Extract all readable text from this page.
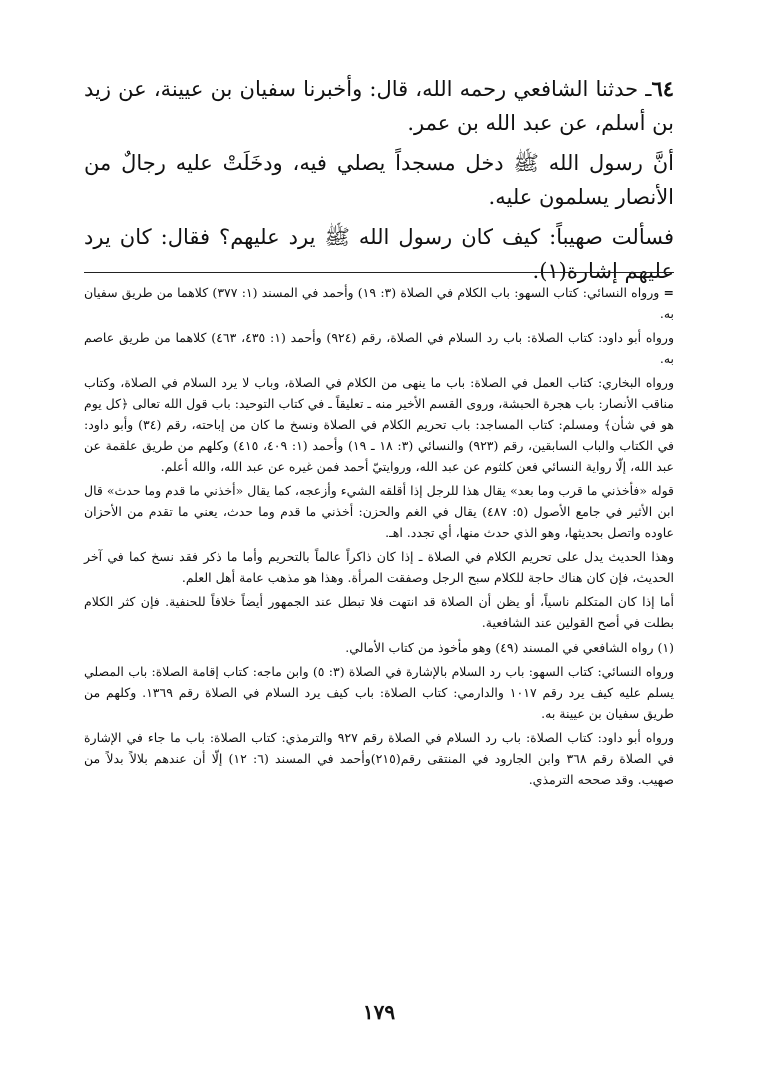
٦٤ـ حدثنا الشافعي رحمه الله، قال: وأخبرنا سفيان بن عيينة، عن زيد بن أسلم، عن عبد الله بن عمر.

أنَّ رسول الله ﷺ دخل مسجداً يصلي فيه، ودخَلَتْ عليه رجالٌ من الأنصار يسلمون عليه.

فسألت صهيباً: كيف كان رسول الله ﷺ يرد عليهم؟ فقال: كان يرد عليهم إشارة(١).

= ورواه النسائي: كتاب السهو: باب الكلام في الصلاة (٣: ١٩) وأحمد في المسند (١: ٣٧٧) كلاهما من طريق سفيان به.

ورواه أبو داود: كتاب الصلاة: باب رد السلام في الصلاة، رقم (٩٢٤) وأحمد (١: ٤٣٥، ٤٦٣) كلاهما من طريق عاصم به.

ورواه البخاري: كتاب العمل في الصلاة: باب ما ينهى من الكلام في الصلاة، وباب لا يرد السلام في الصلاة، وكتاب مناقب الأنصار: باب هجرة الحبشة، وروى القسم الأخير منه ـ تعليقاً ـ في كتاب التوحيد: باب قول الله تعالى ﴿كل يوم هو في شأن﴾ ومسلم: كتاب المساجد: باب تحريم الكلام في الصلاة ونسخ ما كان من إباحته، رقم (٣٤) وأبو داود: في الكتاب والباب السابقين، رقم (٩٢٣) والنسائي (٣: ١٨ ـ ١٩) وأحمد (١: ٤٠٩، ٤١٥) وكلهم من طريق علقمة عن عبد الله، إلّا رواية النسائي فعن كلثوم عن عبد الله، وروايتيّ أحمد فمن غيره عن عبد الله، والله أعلم.

قوله «فأخذني ما قرب وما بعد» يقال هذا للرجل إذا أقلقه الشيء وأزعجه، كما يقال «أخذني ما قدم وما حدث» قال ابن الأثير في جامع الأصول (٥: ٤٨٧) يقال في الغم والحزن: أخذني ما قدم وما حدث، يعني ما تقدم من الأحزان عاوده واتصل بحديثها، وهو الذي حدث منها، أي تجدد. اهـ.

وهذا الحديث يدل على تحريم الكلام في الصلاة ـ إذا كان ذاكراً عالماً بالتحريم وأما ما ذكر فقد نسخ كما في آخر الحديث، فإن كان هناك حاجة للكلام سبح الرجل وصفقت المرأة. وهذا هو مذهب عامة أهل العلم.

أما إذا كان المتكلم ناسياً، أو يظن أن الصلاة قد انتهت فلا تبطل عند الجمهور أيضاً خلافاً للحنفية. فإن كثر الكلام بطلت في أصح القولين عند الشافعية.

(١) رواه الشافعي في المسند (٤٩) وهو مأخوذ من كتاب الأمالي.

ورواه النسائي: كتاب السهو: باب رد السلام بالإشارة في الصلاة (٣: ٥) وابن ماجه: كتاب إقامة الصلاة: باب المصلي يسلم عليه كيف يرد رقم ١٠١٧ والدارمي: كتاب الصلاة: باب كيف يرد السلام في الصلاة رقم ١٣٦٩. وكلهم من طريق سفيان بن عيينة به.

ورواه أبو داود: كتاب الصلاة: باب رد السلام في الصلاة رقم ٩٢٧ والترمذي: كتاب الصلاة: باب ما جاء في الإشارة في الصلاة رقم ٣٦٨ وابن الجارود في المنتقى رقم(٢١٥)وأحمد في المسند (٦: ١٢) إلّا أن عندهم بلالاً بدلاً من صهيب. وقد صححه الترمذي.

١٧٩
